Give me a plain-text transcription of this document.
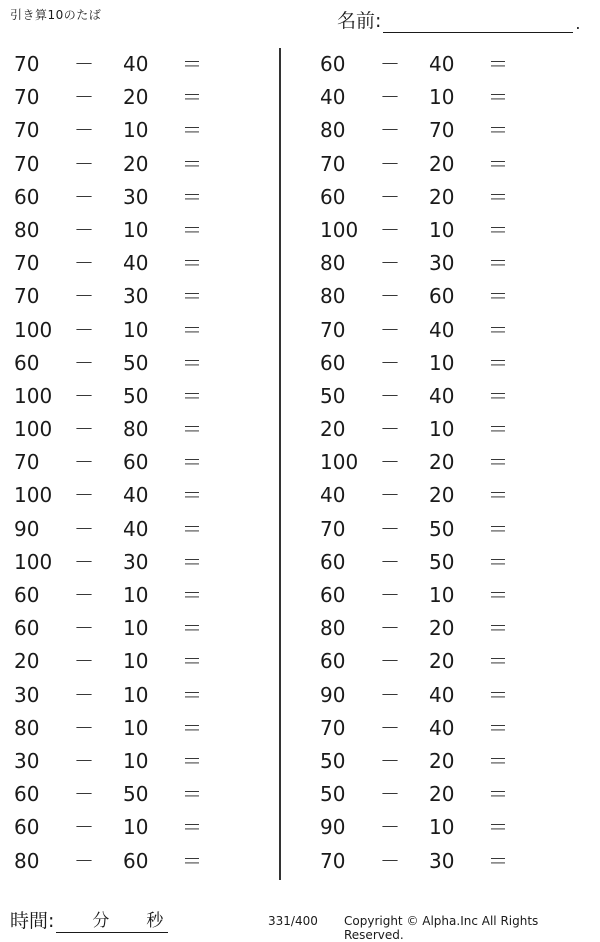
引き算10のたば	名前:	.
70	－ 40	＝
70	－ 20	＝
70	－ 10	＝
70	－ 20	＝
60	－ 30	＝
80	－ 10	＝
70	－ 40	＝
70	－ 30	＝
100	－ 10	＝
60	－ 50	＝
100	－ 50	＝
100	－ 80	＝
70	－ 60	＝
100	－ 40	＝
90	－ 40	＝
100	－ 30	＝
60	－ 10	＝
60	－ 10	＝
20	－ 10	＝
30	－ 10	＝
80	－ 10	＝
30	－ 10	＝
60	－ 50	＝
60	－ 10	＝
80	－ 60	＝
60	－ 40	＝
40	－ 10	＝
80	－ 70	＝
70	－ 20	＝
60	－ 20	＝
100	－ 10	＝
80	－ 30	＝
80	－ 60	＝
70	－ 40	＝
60	－ 10	＝
50	－ 40	＝
20	－ 10	＝
100	－ 20	＝
40	－ 20	＝
70	－ 50	＝
60	－ 50	＝
60	－ 10	＝
80	－ 20	＝
60	－ 20	＝
90	－ 40	＝
70	－ 40	＝
50	－ 20	＝
50	－ 20	＝
90	－ 10	＝
70	－ 30	＝
時間: 分 秒	331/400 Copyright © Alpha.Inc All Rights Reserved.
